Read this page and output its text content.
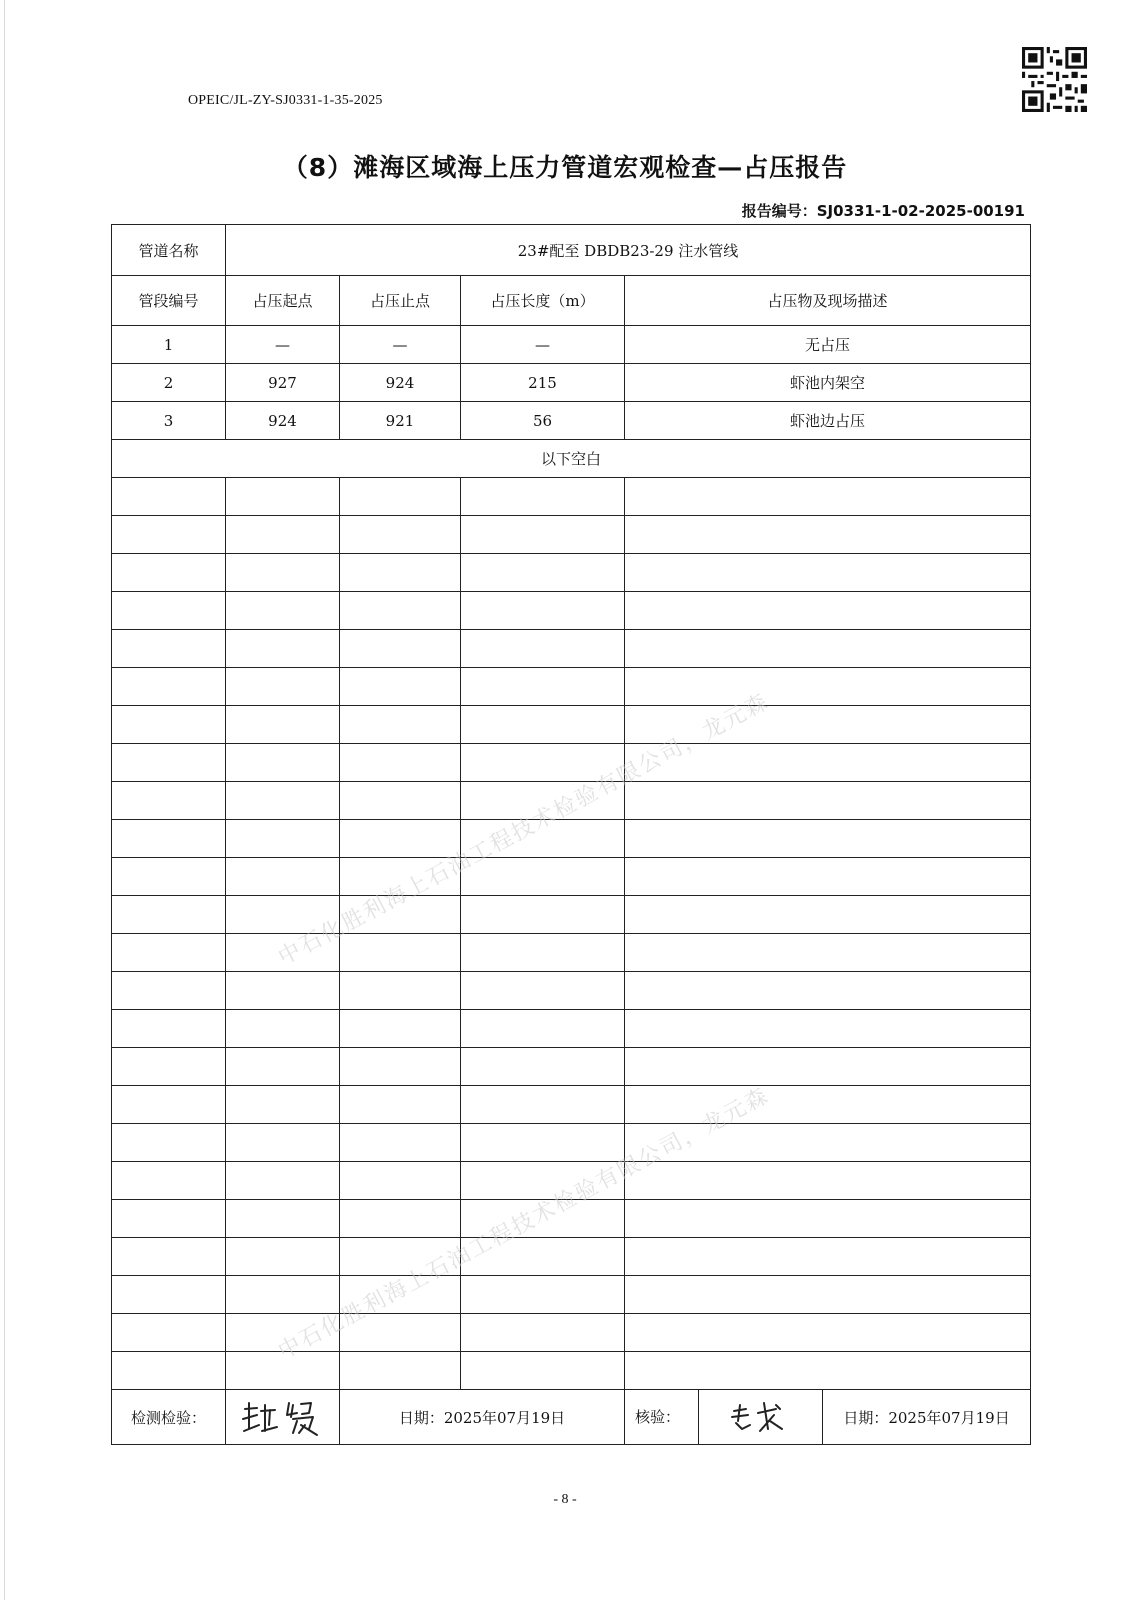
OPEIC/JL-ZY-SJ0331-1-35-2025
（8）滩海区域海上压力管道宏观检查—占压报告
报告编号：SJ0331-1-02-2025-00191
管道名称	23#配至 DBDB23-29 注水管线				
管段编号	占压起点	占压止点	占压长度（m）	占压物及现场描述	
1	—	—	—	无占压	
2	927	924	215	虾池内架空	
3	924	921	56	虾池边占压	
以下空白					

检测检验：		日期：2025年07月19日		核验：	日期：2025年07月19日
中石化胜利海上石油工程技术检验有限公司，龙元森
中石化胜利海上石油工程技术检验有限公司，龙元森
- 8 -
